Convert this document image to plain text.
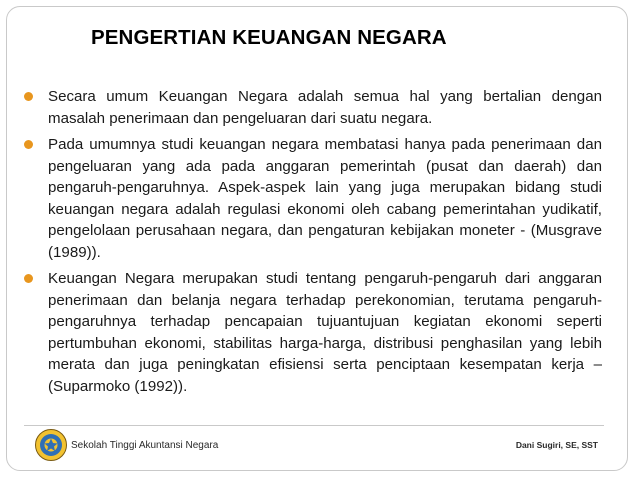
PENGERTIAN KEUANGAN NEGARA
Secara umum Keuangan Negara adalah semua hal yang bertalian dengan masalah penerimaan dan pengeluaran dari suatu negara.
Pada umumnya studi keuangan negara membatasi hanya pada penerimaan dan pengeluaran yang ada pada anggaran pemerintah (pusat dan daerah) dan pengaruh-pengaruhnya. Aspek-aspek lain yang juga merupakan bidang studi keuangan negara adalah regulasi ekonomi oleh cabang pemerintahan yudikatif, pengelolaan perusahaan negara, dan pengaturan kebijakan moneter - (Musgrave (1989)).
Keuangan Negara merupakan studi tentang pengaruh-pengaruh dari anggaran penerimaan dan belanja negara terhadap perekonomian, terutama pengaruh-pengaruhnya terhadap pencapaian tujuantujuan kegiatan ekonomi seperti pertumbuhan ekonomi, stabilitas harga-harga, distribusi penghasilan yang lebih merata dan juga peningkatan efisiensi serta penciptaan kesempatan kerja – (Suparmoko (1992)).
Sekolah Tinggi Akuntansi Negara	Dani Sugiri, SE, SST
